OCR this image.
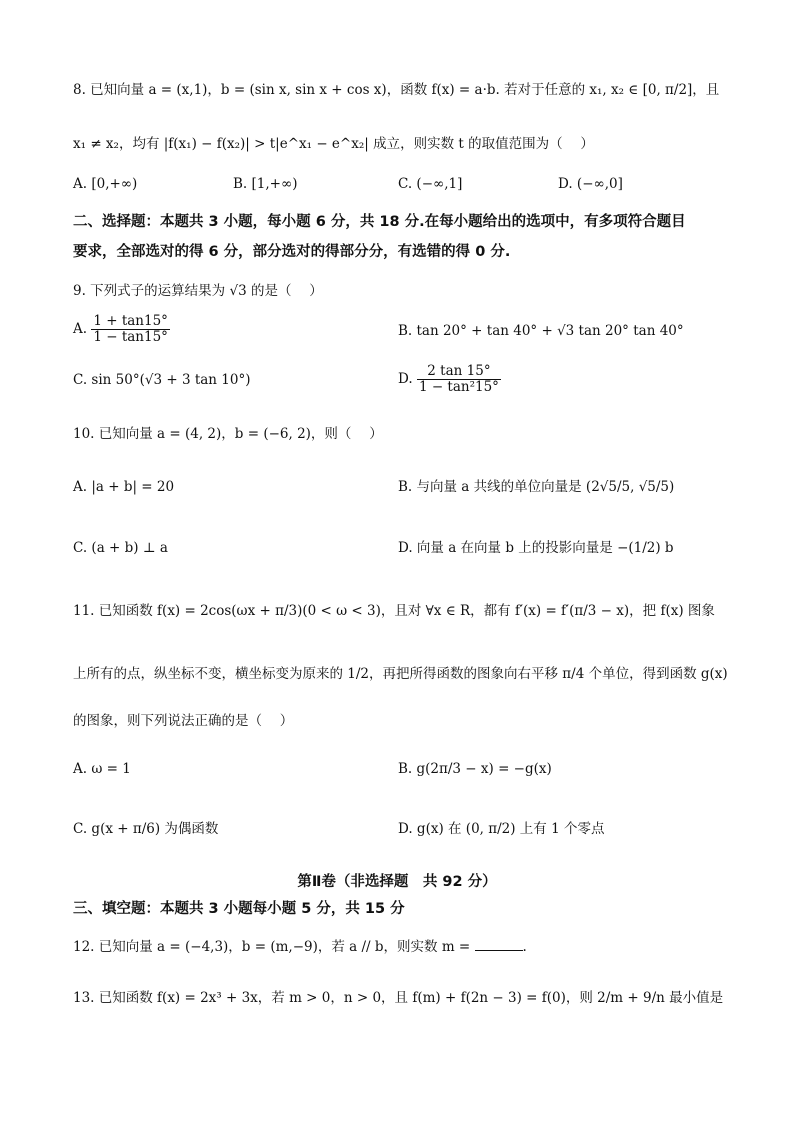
8. 已知向量 a = (x,1)，b = (sin x, sin x + cos x)，函数 f(x) = a·b. 若对于任意的 x₁, x₂ ∈ [0, π/2]，且
x₁ ≠ x₂，均有 |f(x₁) − f(x₂)| > t|e^x₁ − e^x₂| 成立，则实数 t 的取值范围为（　 ）
A. [0,+∞)	B. [1,+∞)	C. (−∞,1]	D. (−∞,0]
二、选择题：本题共 3 小题，每小题 6 分，共 18 分.在每小题给出的选项中，有多项符合题目
要求，全部选对的得 6 分，部分选对的得部分分，有选错的得 0 分.
9. 下列式子的运算结果为 √3 的是（　 ）
A. $\frac{1 + \tan 15^\circ}{1 - \tan 15^\circ}$	B. tan 20° + tan 40° + √3 tan 20° tan 40°
C. sin 50°(√3 + 3 tan 10°)	D. $\frac{2 \tan 15^\circ}{\text{1 − tan²15°}}$
10. 已知向量 a = (4, 2)，b = (−6, 2)，则（　 ）
A. |a + b| = 20	B. 与向量 a 共线的单位向量是 (2√5/5, √5/5)
C. (a + b) ⊥ a	D. 向量 a 在向量 b 上的投影向量是 −(1/2) b
11. 已知函数 f(x) = 2cos(ωx + π/3)(0 < ω < 3)，且对 ∀x ∈ R，都有 f′(x) = f′(π/3 − x)，把 f(x) 图象
上所有的点，纵坐标不变，横坐标变为原来的 1/2，再把所得函数的图象向右平移 π/4 个单位，得到函数 g(x)
的图象，则下列说法正确的是（　 ）
A. ω = 1	B. g(2π/3 − x) = −g(x)
C. g(x + π/6) 为偶函数	D. g(x) 在 (0, π/2) 上有 1 个零点
第Ⅱ卷（非选择题　共 92 分）
三、填空题：本题共 3 小题每小题 5 分，共 15 分
12. 已知向量 a = (−4,3)，b = (m,−9)，若 a // b，则实数 m =	.
13. 已知函数 f(x) = 2x³ + 3x，若 m > 0，n > 0，且 f(m) + f(2n − 3) = f(0)，则 2/m + 9/n 最小值是
